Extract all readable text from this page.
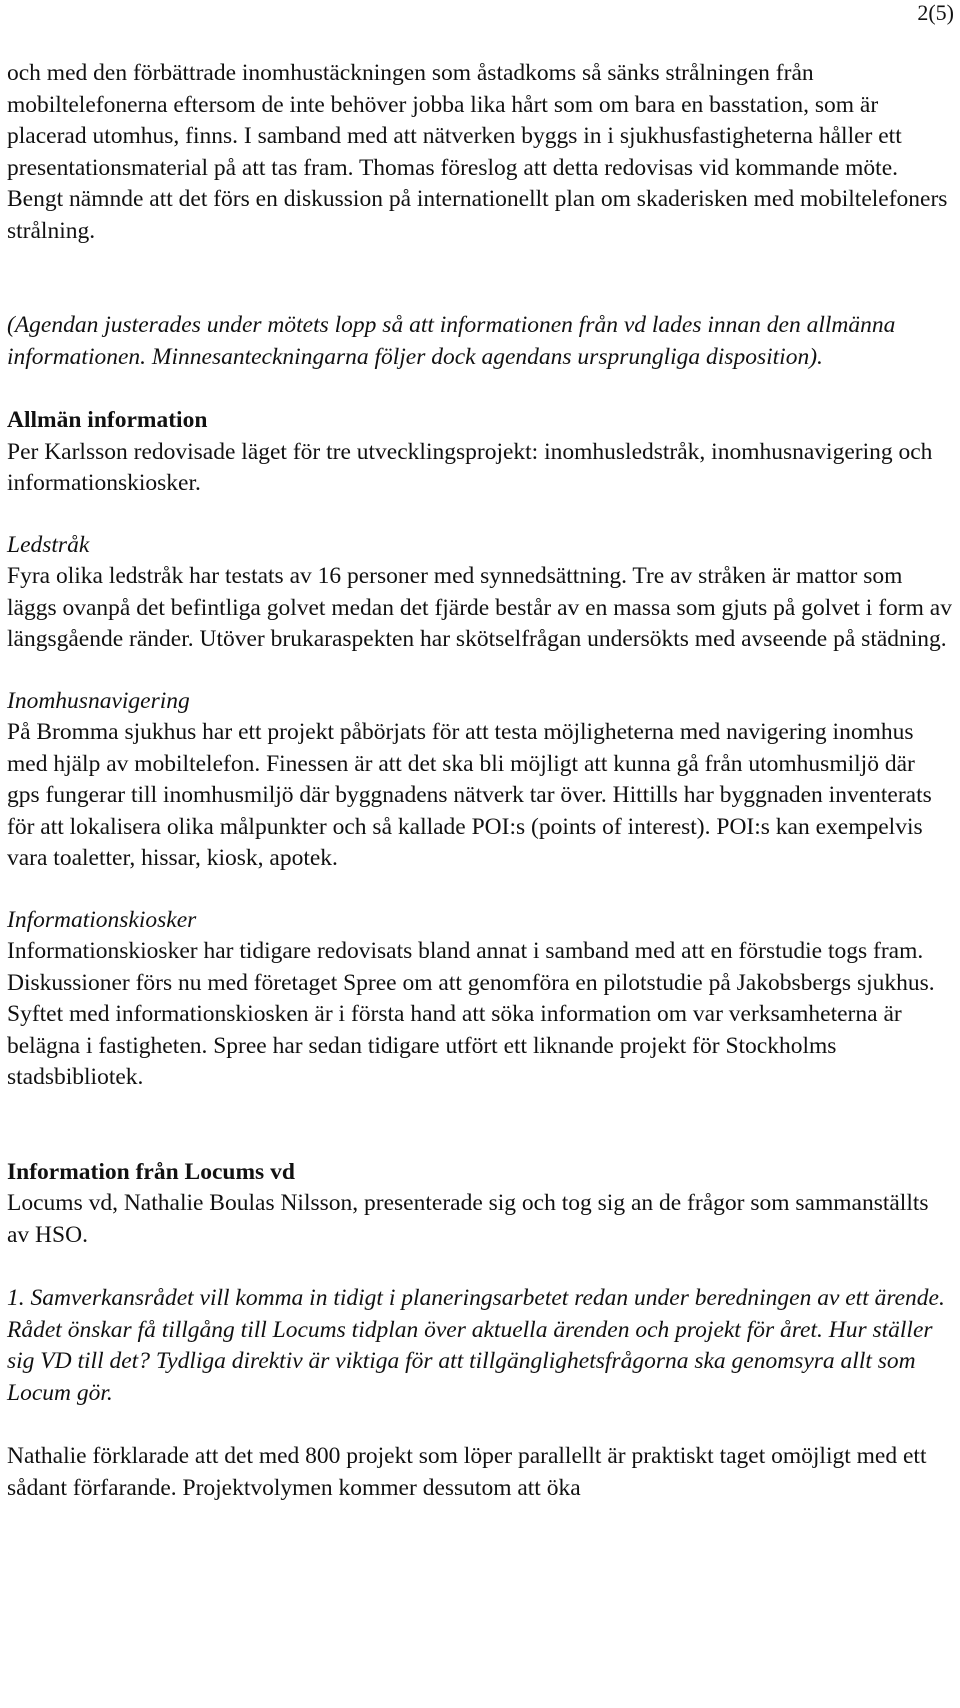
2(5)

och med den förbättrade inomhustäckningen som åstadkoms så sänks strålningen från mobiltelefonerna eftersom de inte behöver jobba lika hårt som om bara en basstation, som är placerad utomhus, finns. I samband med att nätverken byggs in i sjukhusfastigheterna håller ett presentationsmaterial på att tas fram. Thomas föreslog att detta redovisas vid kommande möte. Bengt nämnde att det förs en diskussion på internationellt plan om skaderisken med mobiltelefoners strålning.

(Agendan justerades under mötets lopp så att informationen från vd lades innan den allmänna informationen. Minnesanteckningarna följer dock agendans ursprungliga disposition).

Allmän information

Per Karlsson redovisade läget för tre utvecklingsprojekt: inomhusledstråk, inomhusnavigering och informationskiosker.

Ledstråk

Fyra olika ledstråk har testats av 16 personer med synnedsättning. Tre av stråken är mattor som läggs ovanpå det befintliga golvet medan det fjärde består av en massa som gjuts på golvet i form av längsgående ränder. Utöver brukaraspekten har skötselfrågan undersökts med avseende på städning.

Inomhusnavigering

På Bromma sjukhus har ett projekt påbörjats för att testa möjligheterna med navigering inomhus med hjälp av mobiltelefon. Finessen är att det ska bli möjligt att kunna gå från utomhusmiljö där gps fungerar till inomhusmiljö där byggnadens nätverk tar över. Hittills har byggnaden inventerats för att lokalisera olika målpunkter och så kallade POI:s (points of interest). POI:s kan exempelvis vara toaletter, hissar, kiosk, apotek.

Informationskiosker

Informationskiosker har tidigare redovisats bland annat i samband med att en förstudie togs fram. Diskussioner förs nu med företaget Spree om att genomföra en pilotstudie på Jakobsbergs sjukhus. Syftet med informationskiosken är i första hand att söka information om var verksamheterna är belägna i fastigheten. Spree har sedan tidigare utfört ett liknande projekt för Stockholms stadsbibliotek.

Information från Locums vd

Locums vd, Nathalie Boulas Nilsson, presenterade sig och tog sig an de frågor som sammanställts av HSO.

1. Samverkansrådet vill komma in tidigt i planeringsarbetet redan under beredningen av ett ärende. Rådet önskar få tillgång till Locums tidplan över aktuella ärenden och projekt för året. Hur ställer sig VD till det? Tydliga direktiv är viktiga för att tillgänglighetsfrågorna ska genomsyra allt som Locum gör.

Nathalie förklarade att det med 800 projekt som löper parallellt är praktiskt taget omöjligt med ett sådant förfarande. Projektvolymen kommer dessutom att öka
